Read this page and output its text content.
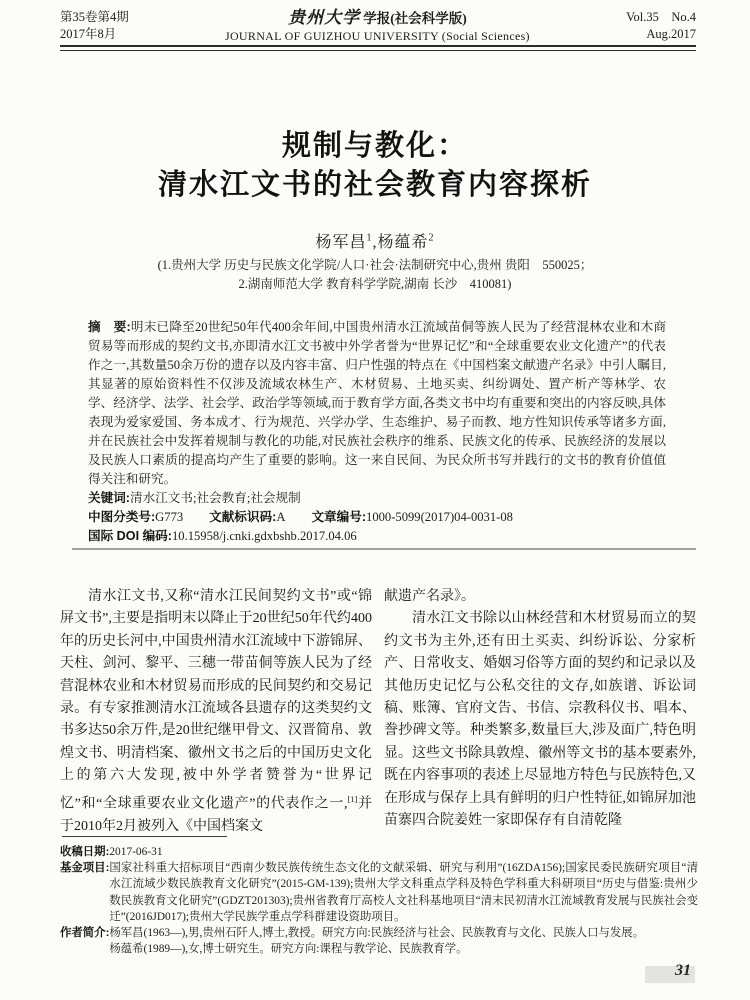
第35卷第4期
2017年8月
贵州大学 学报(社会科学版)
JOURNAL OF GUIZHOU UNIVERSITY (Social Sciences)
Vol.35　No.4
Aug.2017
规制与教化：
清水江文书的社会教育内容探析
杨军昌$^1$,杨蕴希$^2$
(1.贵州大学 历史与民族文化学院/人口·社会·法制研究中心,贵州 贵阳　550025；
2.湖南师范大学 教育科学学院,湖南 长沙　410081)

摘　要:明末已降至20世纪50年代400余年间,中国贵州清水江流域苗侗等族人民为了经营混林农业和木商贸易等而形成的契约文书,亦即清水江文书被中外学者誉为“世界记忆”和“全球重要农业文化遗产”的代表作之一,其数量50余万份的遗存以及内容丰富、归户性强的特点在《中国档案文献遗产名录》中引人瞩目,其显著的原始资料性不仅涉及流域农林生产、木材贸易、土地买卖、纠纷调处、置产析产等林学、农学、经济学、法学、社会学、政治学等领域,而于教育学方面,各类文书中均有重要和突出的内容反映,具体表现为爱家爱国、务本成才、行为规范、兴学办学、生态维护、易子而教、地方性知识传承等诸多方面,并在民族社会中发挥着规制与教化的功能,对民族社会秩序的维系、民族文化的传承、民族经济的发展以及民族人口素质的提高均产生了重要的影响。这一来自民间、为民众所书写并践行的文书的教育价值值得关注和研究。

关键词:清水江文书;社会教育;社会规制

中图分类号:G773 文献标识码:A 文章编号:1000-5099(2017)04-0031-08

国际 DOI 编码:10.15958/j.cnki.gdxbshb.2017.04.06

清水江文书,又称“清水江民间契约文书”或“锦屏文书”,主要是指明末以降止于20世纪50年代约400年的历史长河中,中国贵州清水江流域中下游锦屏、天柱、剑河、黎平、三穗一带苗侗等族人民为了经营混林农业和木材贸易而形成的民间契约和交易记录。有专家推测清水江流域各县遗存的这类契约文书多达50余万件,是20世纪继甲骨文、汉晋简帛、敦煌文书、明清档案、徽州文书之后的中国历史文化上的第六大发现,被中外学者赞誉为“世界记忆”和“全球重要农业文化遗产”的代表作之一,[1]并于2010年2月被列入《中国档案文

献遗产名录》。

清水江文书除以山林经营和木材贸易而立的契约文书为主外,还有田土买卖、纠纷诉讼、分家析产、日常收支、婚姻习俗等方面的契约和记录以及其他历史记忆与公私交往的文存,如族谱、诉讼词稿、账簿、官府文告、书信、宗教科仪书、唱本、誊抄碑文等。种类繁多,数量巨大,涉及面广,特色明显。这些文书除具敦煌、徽州等文书的基本要素外,既在内容事项的表述上尽显地方特色与民族特色,又在形成与保存上具有鲜明的归户性特征,如锦屏加池苗寨四合院姜姓一家即保存有自清乾隆

收稿日期: 2017-06-31
基金项目: 国家社科重大招标项目“西南少数民族传统生态文化的文献采辑、研究与利用”(16ZDA156);国家民委民族研究项目“清水江流域少数民族教育文化研究”(2015-GM-139);贵州大学文科重点学科及特色学科重大科研项目“历史与借鉴:贵州少数民族教育文化研究”(GDZT201303);贵州省教育厅高校人文社科基地项目“清末民初清水江流域教育发展与民族社会变迁”(2016JD017);贵州大学民族学重点学科群建设资助项目。
作者简介: 杨军昌(1963—),男,贵州石阡人,博士,教授。研究方向:民族经济与社会、民族教育与文化、民族人口与发展。
杨蕴希(1989—),女,博士研究生。研究方向:课程与教学论、民族教育学。
31
